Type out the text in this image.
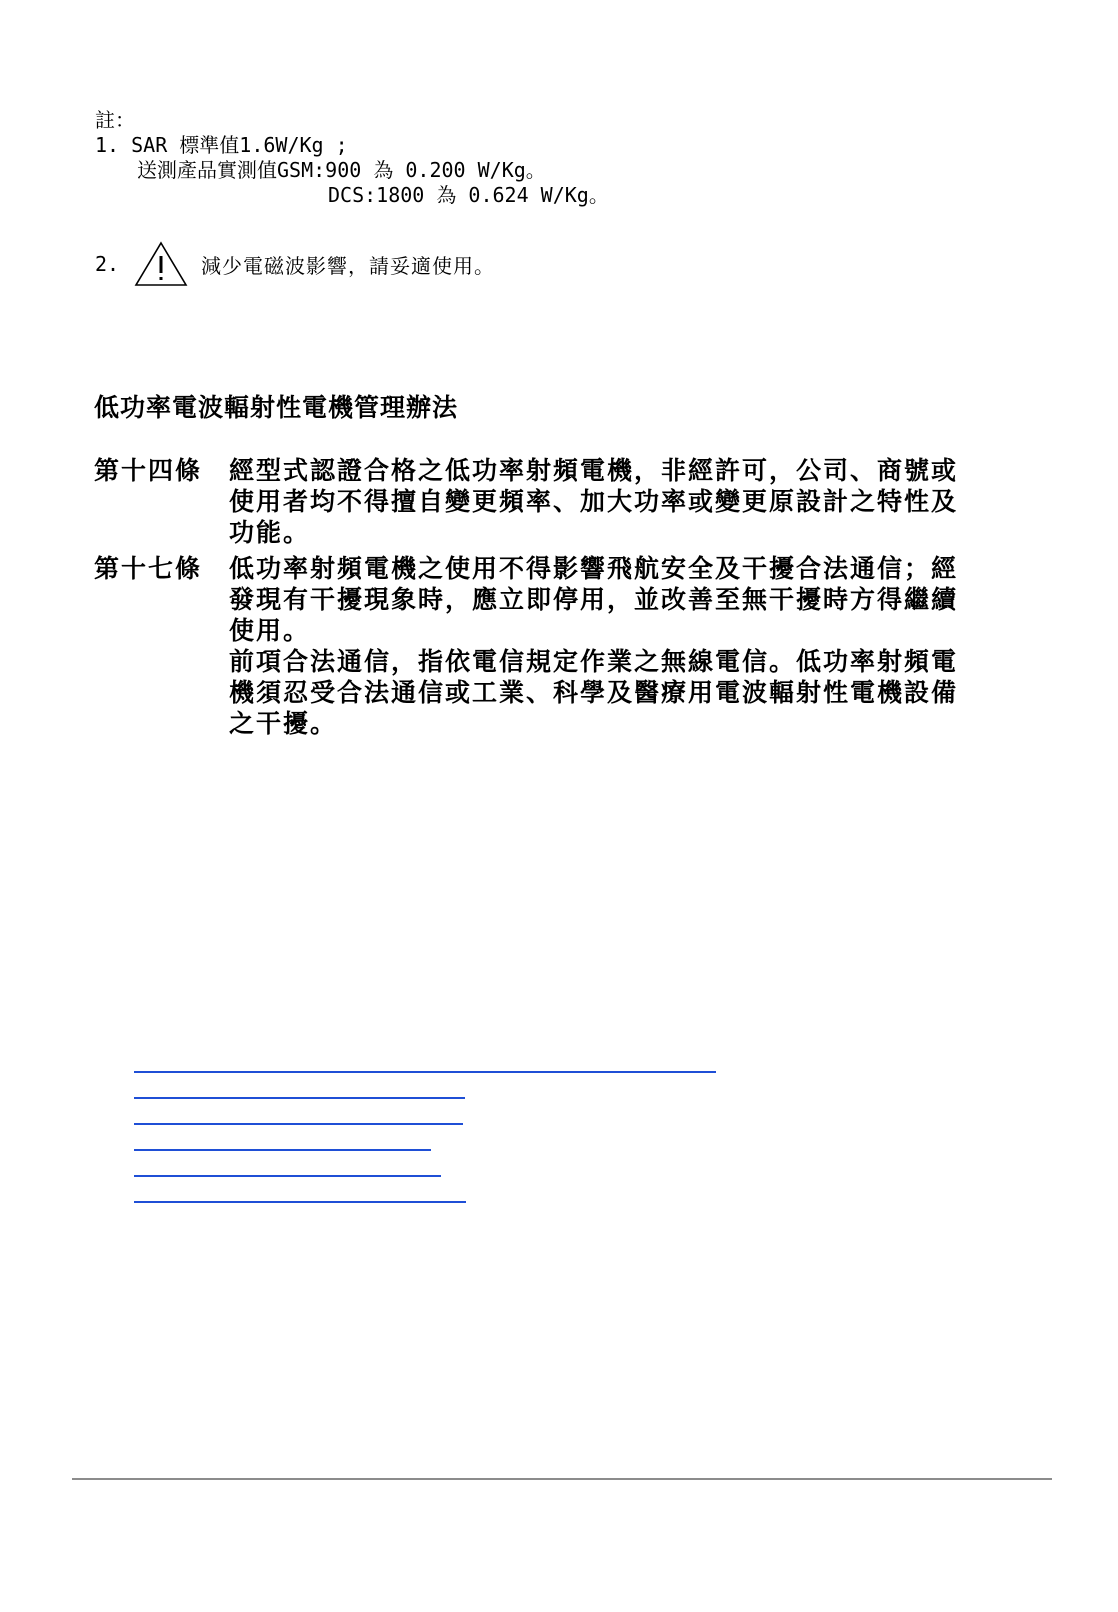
註：
1. SAR 標準值1.6W/Kg ;
送測產品實測值GSM:900 為 0.200 W/Kg。
DCS:1800 為 0.624 W/Kg。
2.	減少電磁波影響，請妥適使用。
低功率電波輻射性電機管理辦法
第十四條	經型式認證合格之低功率射頻電機，非經許可，公司、商號或使用者均不得擅自變更頻率、加大功率或變更原設計之特性及功能。
第十七條	低功率射頻電機之使用不得影響飛航安全及干擾合法通信；經發現有干擾現象時，應立即停用，並改善至無干擾時方得繼續使用。
前項合法通信，指依電信規定作業之無線電信。低功率射頻電機須忍受合法通信或工業、科學及醫療用電波輻射性電機設備之干擾。
